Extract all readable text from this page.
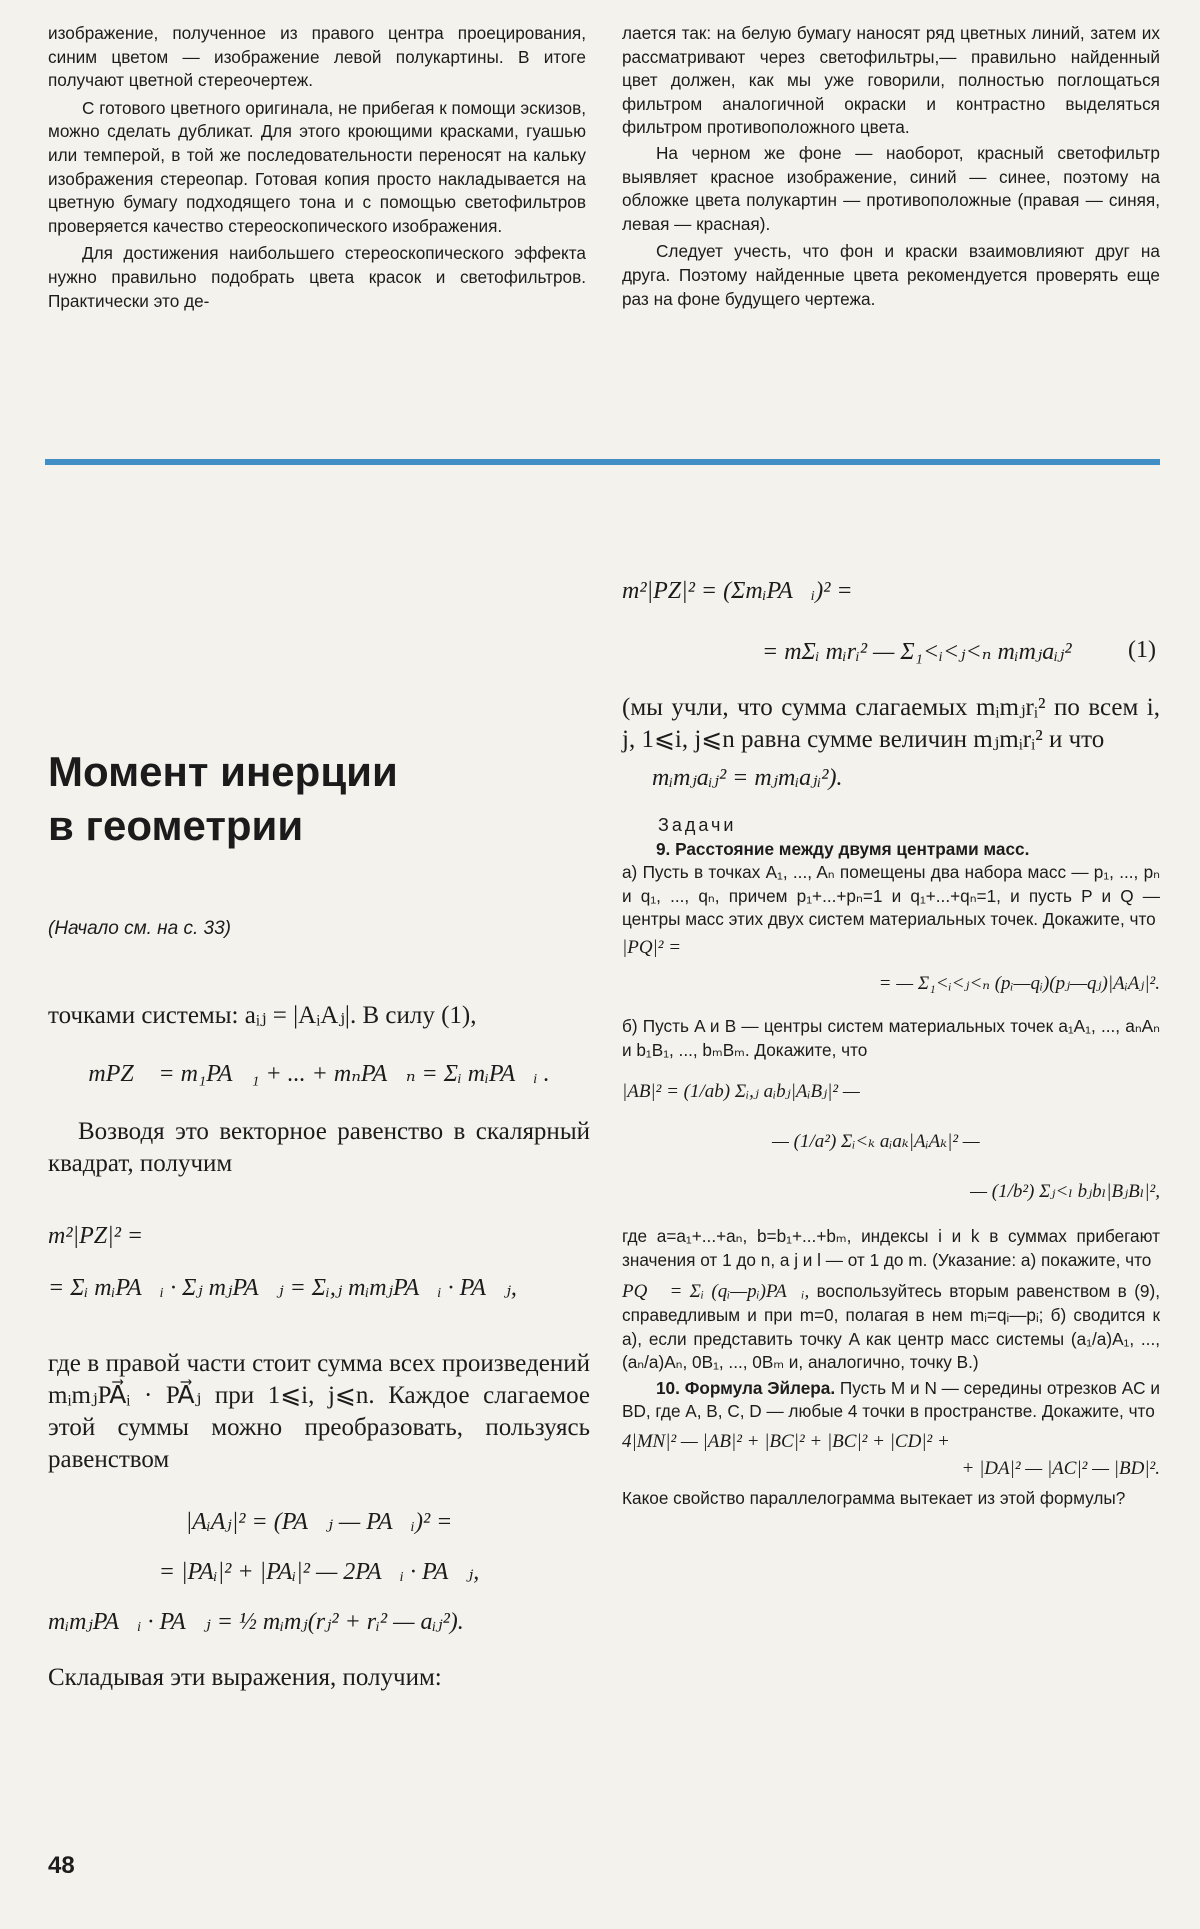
изображение, полученное из правого центра проецирования, синим цветом — изображение левой полукартины. В итоге получают цветной стереочертеж.

С готового цветного оригинала, не прибегая к помощи эскизов, можно сделать дубликат. Для этого кроющими красками, гуашью или темперой, в той же последовательности переносят на кальку изображения стереопар. Готовая копия просто накладывается на цветную бумагу подходящего тона и с помощью светофильтров проверяется качество стереоскопического изображения.

Для достижения наибольшего стереоскопического эффекта нужно правильно подобрать цвета красок и светофильтров. Практически это де-

лается так: на белую бумагу наносят ряд цветных линий, затем их рассматривают через светофильтры,— правильно найденный цвет должен, как мы уже говорили, полностью поглощаться фильтром аналогичной окраски и контрастно выделяться фильтром противоположного цвета.

На черном же фоне — наоборот, красный светофильтр выявляет красное изображение, синий — синее, поэтому на обложке цвета полукартин — противоположные (правая — синяя, левая — красная).

Следует учесть, что фон и краски взаимовлияют друг на друга. Поэтому найденные цвета рекомендуется проверять еще раз на фоне будущего чертежа.

Момент инерции
в геометрии
(Начало см. на с. 33)

точками системы: aᵢⱼ = |AᵢAⱼ|. В силу (1),

mPZ⃗ = m₁PA⃗₁ + ... + mₙPA⃗ₙ = Σᵢ mᵢPA⃗ᵢ .

Возводя это векторное равенство в скалярный квадрат, получим

m²|PZ|² =
= Σᵢ mᵢPA⃗ᵢ · Σⱼ mⱼPA⃗ⱼ = Σᵢ,ⱼ mᵢmⱼPA⃗ᵢ · PA⃗ⱼ,

где в правой части стоит сумма всех произведений mᵢmⱼPA⃗ᵢ · PA⃗ⱼ при 1⩽i, j⩽n. Каждое слагаемое этой суммы можно преобразовать, пользуясь равенством

|AᵢAⱼ|² = (PA⃗ⱼ — PA⃗ᵢ)² =
= |PAᵢ|² + |PAᵢ|² — 2PA⃗ᵢ · PA⃗ⱼ,
mᵢmⱼPA⃗ᵢ · PA⃗ⱼ = ½ mᵢmⱼ(rⱼ² + rᵢ² — aᵢⱼ²).

Складывая эти выражения, получим:

m²|PZ|² = (ΣmᵢPA⃗ᵢ)² =
= mΣᵢ mᵢrᵢ² — Σ₁<ᵢ<ⱼ<ₙ mᵢmⱼaᵢⱼ²	(1)

(мы учли, что сумма слагаемых mᵢmⱼrᵢ² по всем i, j, 1⩽i, j⩽n равна сумме величин mⱼmᵢrᵢ² и что

mᵢmⱼaᵢⱼ² = mⱼmᵢaⱼᵢ²).
Задачи

9. Расстояние между двумя центрами масс.

а) Пусть в точках A₁, ..., Aₙ помещены два набора масс — p₁, ..., pₙ и q₁, ..., qₙ, причем p₁+...+pₙ=1 и q₁+...+qₙ=1, и пусть P и Q — центры масс этих двух систем материальных точек. Докажите, что

|PQ|² =
= — Σ₁<ᵢ<ⱼ<ₙ (pᵢ—qᵢ)(pⱼ—qⱼ)|AᵢAⱼ|².

б) Пусть A и B — центры систем материальных точек a₁A₁, ..., aₙAₙ и b₁B₁, ..., bₘBₘ. Докажите, что

|AB|² = (1/ab) Σᵢ,ⱼ aᵢbⱼ|AᵢBⱼ|² —
— (1/a²) Σᵢ<ₖ aᵢaₖ|AᵢAₖ|² —
— (1/b²) Σⱼ<ₗ bⱼbₗ|BⱼBₗ|²,

где a=a₁+...+aₙ, b=b₁+...+bₘ, индексы i и k в суммах прибегают значения от 1 до n, а j и l — от 1 до m. (Указание: а) покажите, что

PQ⃗ = Σᵢ (qᵢ—pᵢ)PA⃗ᵢ, воспользуйтесь вторым равенством в (9), справедливым и при m=0, полагая в нем mᵢ=qᵢ—pᵢ; б) сводится к а), если представить точку A как центр масс системы (a₁/a)A₁, ..., (aₙ/a)Aₙ, 0B₁, ..., 0Bₘ и, аналогично, точку B.)

10. Формула Эйлера. Пусть M и N — середины отрезков AC и BD, где A, B, C, D — любые 4 точки в пространстве. Докажите, что

4|MN|² — |AB|² + |BC|² + |BC|² + |CD|² +
+ |DA|² — |AC|² — |BD|².

Какое свойство параллелограмма вытекает из этой формулы?

48
